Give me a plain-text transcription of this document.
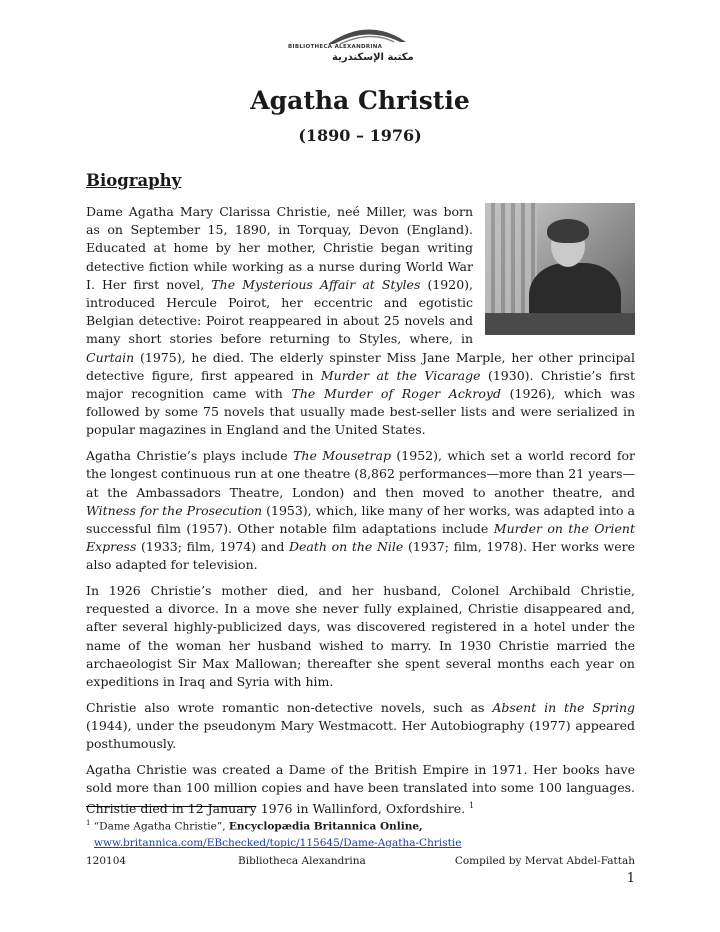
BIBLIOTHECA ALEXANDRINA
مكتبة الإسكندرية
Agatha Christie
(1890 – 1976)
Biography

Dame Agatha Mary Clarissa Christie, neé Miller, was born as on September 15, 1890, in Torquay, Devon (England). Educated at home by her mother, Christie began writing detective fiction while working as a nurse during World War I. Her first novel, The Mysterious Affair at Styles (1920), introduced Hercule Poirot, her eccentric and egotistic Belgian detective: Poirot reappeared in about 25 novels and many short stories before returning to Styles, where, in Curtain (1975), he died. The elderly spinster Miss Jane Marple, her other principal detective figure, first appeared in Murder at the Vicarage (1930). Christie’s first major recognition came with The Murder of Roger Ackroyd (1926), which was followed by some 75 novels that usually made best-seller lists and were serialized in popular magazines in England and the United States.

Agatha Christie’s plays include The Mousetrap (1952), which set a world record for the longest continuous run at one theatre (8,862 performances—more than 21 years—at the Ambassadors Theatre, London) and then moved to another theatre, and Witness for the Prosecution (1953), which, like many of her works, was adapted into a successful film (1957). Other notable film adaptations include Murder on the Orient Express (1933; film, 1974) and Death on the Nile (1937; film, 1978). Her works were also adapted for television.

In 1926 Christie’s mother died, and her husband, Colonel Archibald Christie, requested a divorce. In a move she never fully explained, Christie disappeared and, after several highly-publicized days, was discovered registered in a hotel under the name of the woman her husband wished to marry. In 1930 Christie married the archaeologist Sir Max Mallowan; thereafter she spent several months each year on expeditions in Iraq and Syria with him.

Christie also wrote romantic non-detective novels, such as Absent in the Spring (1944), under the pseudonym Mary Westmacott. Her Autobiography (1977) appeared posthumously.

Agatha Christie was created a Dame of the British Empire in 1971. Her books have sold more than 100 million copies and have been translated into some 100 languages. Christie died in 12 January 1976 in Wallinford, Oxfordshire. $^1$

$^1$ “Dame Agatha Christie”, Encyclopædia Britannica Online,
www.britannica.com/EBchecked/topic/115645/Dame-Agatha-Christie
120104	Bibliotheca Alexandrina	Compiled by Mervat Abdel-Fattah
1
